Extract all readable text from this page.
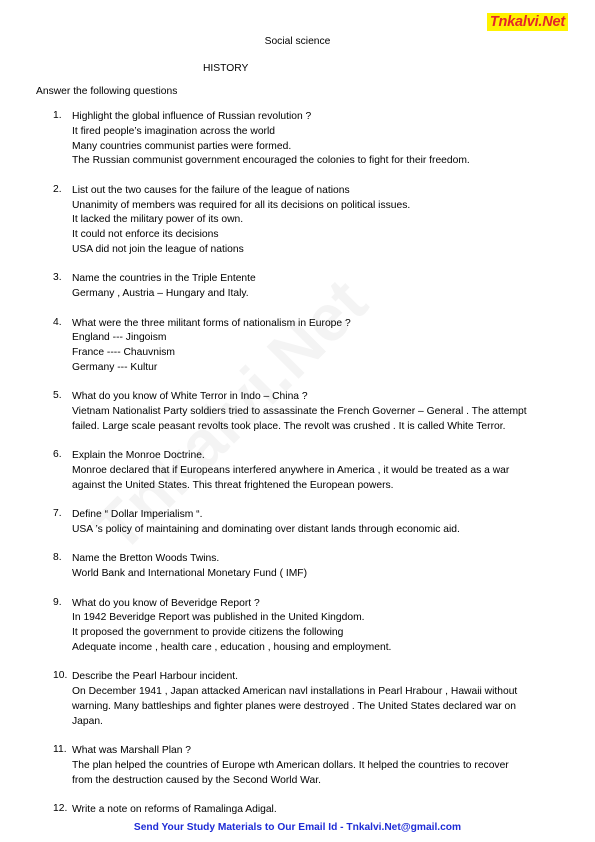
Tnkalvi.Net
Social science
HISTORY
Answer the following questions
1.	Highlight the global influence of Russian revolution ?
It fired people’s imagination across the world
Many countries communist parties were formed.
The Russian communist government encouraged the colonies to fight for their freedom.
2.	List out the two causes for the failure of the league of nations
Unanimity of members was required for all its decisions on political issues.
It lacked the military power of its own.
It could not enforce its decisions
USA did not join the league of nations
3.	Name the countries in the Triple Entente
Germany , Austria – Hungary and Italy.
4.	What were the three militant forms of nationalism in Europe ?
England --- Jingoism
France ---- Chauvnism
Germany --- Kultur
5.	What do you know of White Terror in Indo – China ?
Vietnam Nationalist Party soldiers tried to assassinate the French Governer – General . The attempt
failed. Large scale peasant revolts took place. The revolt was crushed . It is called White Terror.
6.	Explain the Monroe Doctrine.
Monroe declared that if Europeans interfered anywhere in America , it would be treated as a war
against the United States. This threat frightened the European powers.
7.	Define “ Dollar Imperialism “.
USA ’s policy of maintaining and dominating over distant lands through economic aid.
8.	Name the Bretton Woods Twins.
World Bank and International Monetary Fund ( IMF)
9.	What do you know of Beveridge Report ?
In 1942 Beveridge Report was published in the United Kingdom.
It proposed the government to provide citizens the following
Adequate income , health care , education , housing and employment.
10. Describe the Pearl Harbour incident.
On December 1941 , Japan attacked American navl installations in Pearl Hrabour , Hawaii without
warning. Many battleships and fighter planes were destroyed . The United States declared war on
Japan.
11. What was Marshall Plan ?
The plan helped the countries of Europe wth American dollars. It helped the countries to recover
from the destruction caused by the Second World War.
12. Write a note on reforms of Ramalinga Adigal.
Send Your Study Materials to Our Email Id - Tnkalvi.Net@gmail.com
